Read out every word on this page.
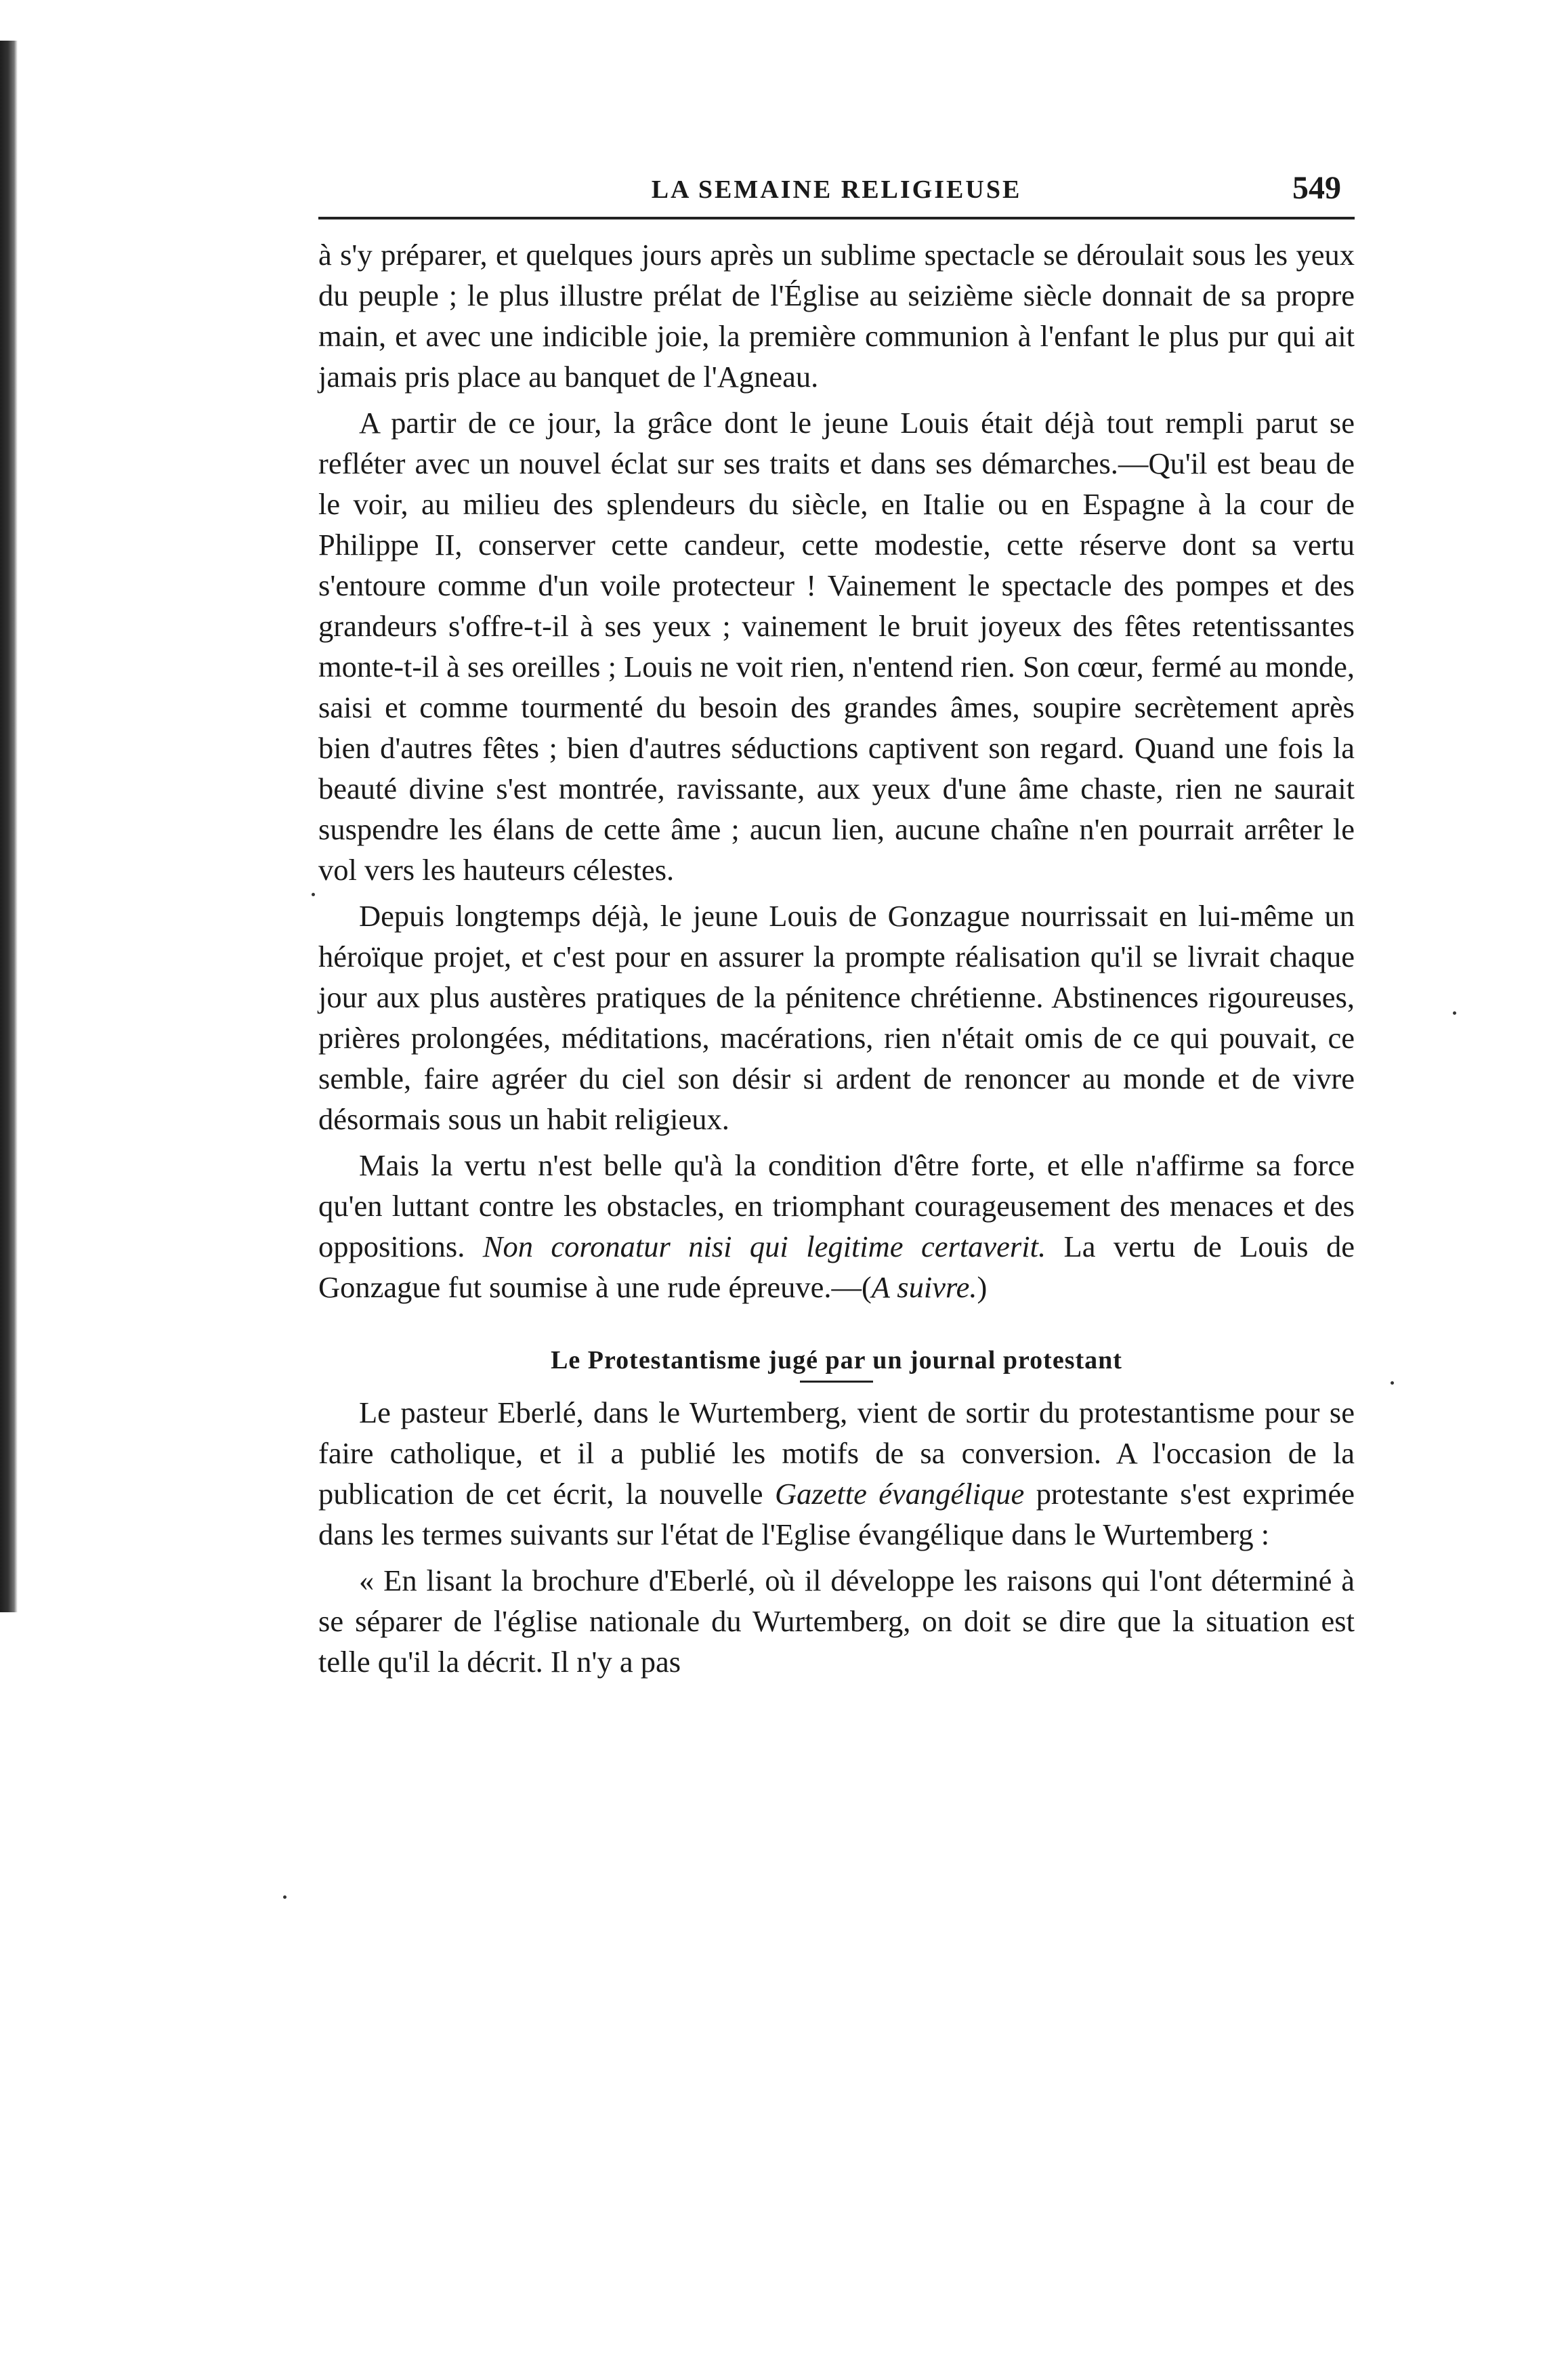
LA SEMAINE RELIGIEUSE	549

à s'y préparer, et quelques jours après un sublime spectacle se déroulait sous les yeux du peuple ; le plus illustre prélat de l'Église au seizième siècle donnait de sa propre main, et avec une indicible joie, la première communion à l'enfant le plus pur qui ait jamais pris place au banquet de l'Agneau.

A partir de ce jour, la grâce dont le jeune Louis était déjà tout rempli parut se refléter avec un nouvel éclat sur ses traits et dans ses démarches.—Qu'il est beau de le voir, au milieu des splendeurs du siècle, en Italie ou en Espagne à la cour de Philippe II, conserver cette candeur, cette modestie, cette réserve dont sa vertu s'entoure comme d'un voile protecteur ! Vainement le spectacle des pompes et des grandeurs s'offre-t-il à ses yeux ; vainement le bruit joyeux des fêtes retentissantes monte-t-il à ses oreilles ; Louis ne voit rien, n'entend rien. Son cœur, fermé au monde, saisi et comme tourmenté du besoin des grandes âmes, soupire secrètement après bien d'autres fêtes ; bien d'autres séductions captivent son regard. Quand une fois la beauté divine s'est montrée, ravissante, aux yeux d'une âme chaste, rien ne saurait suspendre les élans de cette âme ; aucun lien, aucune chaîne n'en pourrait arrêter le vol vers les hauteurs célestes.

Depuis longtemps déjà, le jeune Louis de Gonzague nourrissait en lui-même un héroïque projet, et c'est pour en assurer la prompte réalisation qu'il se livrait chaque jour aux plus austères pratiques de la pénitence chrétienne. Abstinences rigoureuses, prières prolongées, méditations, macérations, rien n'était omis de ce qui pouvait, ce semble, faire agréer du ciel son désir si ardent de renoncer au monde et de vivre désormais sous un habit religieux.

Mais la vertu n'est belle qu'à la condition d'être forte, et elle n'affirme sa force qu'en luttant contre les obstacles, en triomphant courageusement des menaces et des oppositions. Non coronatur nisi qui legitime certaverit. La vertu de Louis de Gonzague fut soumise à une rude épreuve.—(A suivre.)

Le Protestantisme jugé par un journal protestant

Le pasteur Eberlé, dans le Wurtemberg, vient de sortir du protestantisme pour se faire catholique, et il a publié les motifs de sa conversion. A l'occasion de la publication de cet écrit, la nouvelle Gazette évangélique protestante s'est exprimée dans les termes suivants sur l'état de l'Eglise évangélique dans le Wurtemberg :

« En lisant la brochure d'Eberlé, où il développe les raisons qui l'ont déterminé à se séparer de l'église nationale du Wurtemberg, on doit se dire que la situation est telle qu'il la décrit. Il n'y a pas
